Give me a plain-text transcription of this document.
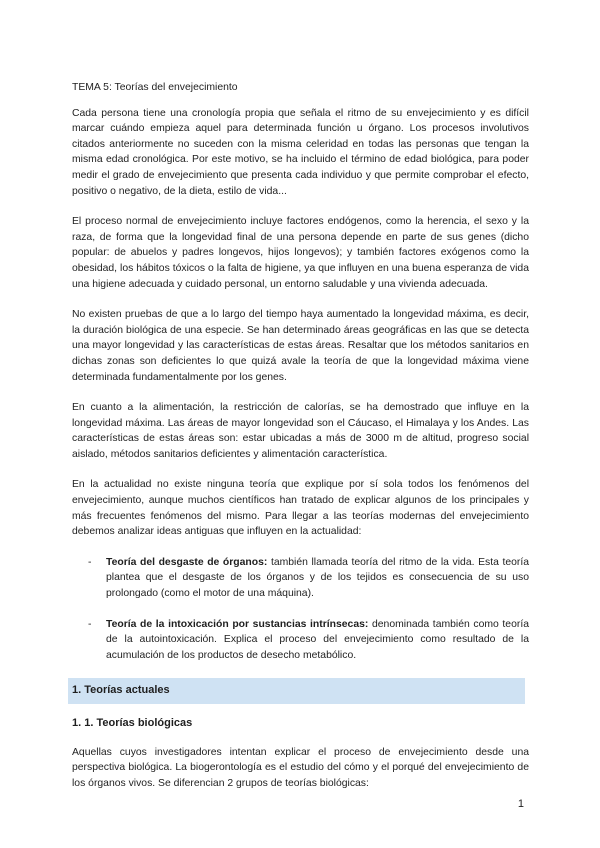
TEMA 5: Teorías del envejecimiento

Cada persona tiene una cronología propia que señala el ritmo de su envejecimiento y es difícil marcar cuándo empieza aquel para determinada función u órgano. Los procesos involutivos citados anteriormente no suceden con la misma celeridad en todas las personas que tengan la misma edad cronológica. Por este motivo, se ha incluido el término de edad biológica, para poder medir el grado de envejecimiento que presenta cada individuo y que permite comprobar el efecto, positivo o negativo, de la dieta, estilo de vida...

El proceso normal de envejecimiento incluye factores endógenos, como la herencia, el sexo y la raza, de forma que la longevidad final de una persona depende en parte de sus genes (dicho popular: de abuelos y padres longevos, hijos longevos); y también factores exógenos como la obesidad, los hábitos tóxicos o la falta de higiene, ya que influyen en una buena esperanza de vida una higiene adecuada y cuidado personal, un entorno saludable y una vivienda adecuada.

No existen pruebas de que a lo largo del tiempo haya aumentado la longevidad máxima, es decir, la duración biológica de una especie. Se han determinado áreas geográficas en las que se detecta una mayor longevidad y las características de estas áreas. Resaltar que los métodos sanitarios en dichas zonas son deficientes lo que quizá avale la teoría de que la longevidad máxima viene determinada fundamentalmente por los genes.

En cuanto a la alimentación, la restricción de calorías, se ha demostrado que influye en la longevidad máxima. Las áreas de mayor longevidad son el Cáucaso, el Himalaya y los Andes. Las características de estas áreas son: estar ubicadas a más de 3000 m de altitud, progreso social aislado, métodos sanitarios deficientes y alimentación característica.

En la actualidad no existe ninguna teoría que explique por sí sola todos los fenómenos del envejecimiento, aunque muchos científicos han tratado de explicar algunos de los principales y más frecuentes fenómenos del mismo. Para llegar a las teorías modernas del envejecimiento debemos analizar ideas antiguas que influyen en la actualidad:

- Teoría del desgaste de órganos: también llamada teoría del ritmo de la vida. Esta teoría plantea que el desgaste de los órganos y de los tejidos es consecuencia de su uso prolongado (como el motor de una máquina).
- Teoría de la intoxicación por sustancias intrínsecas: denominada también como teoría de la autointoxicación. Explica el proceso del envejecimiento como resultado de la acumulación de los productos de desecho metabólico.
1. Teorías actuales
1. 1. Teorías biológicas

Aquellas cuyos investigadores intentan explicar el proceso de envejecimiento desde una perspectiva biológica. La biogerontología es el estudio del cómo y el porqué del envejecimiento de los órganos vivos. Se diferencian 2 grupos de teorías biológicas:

1
